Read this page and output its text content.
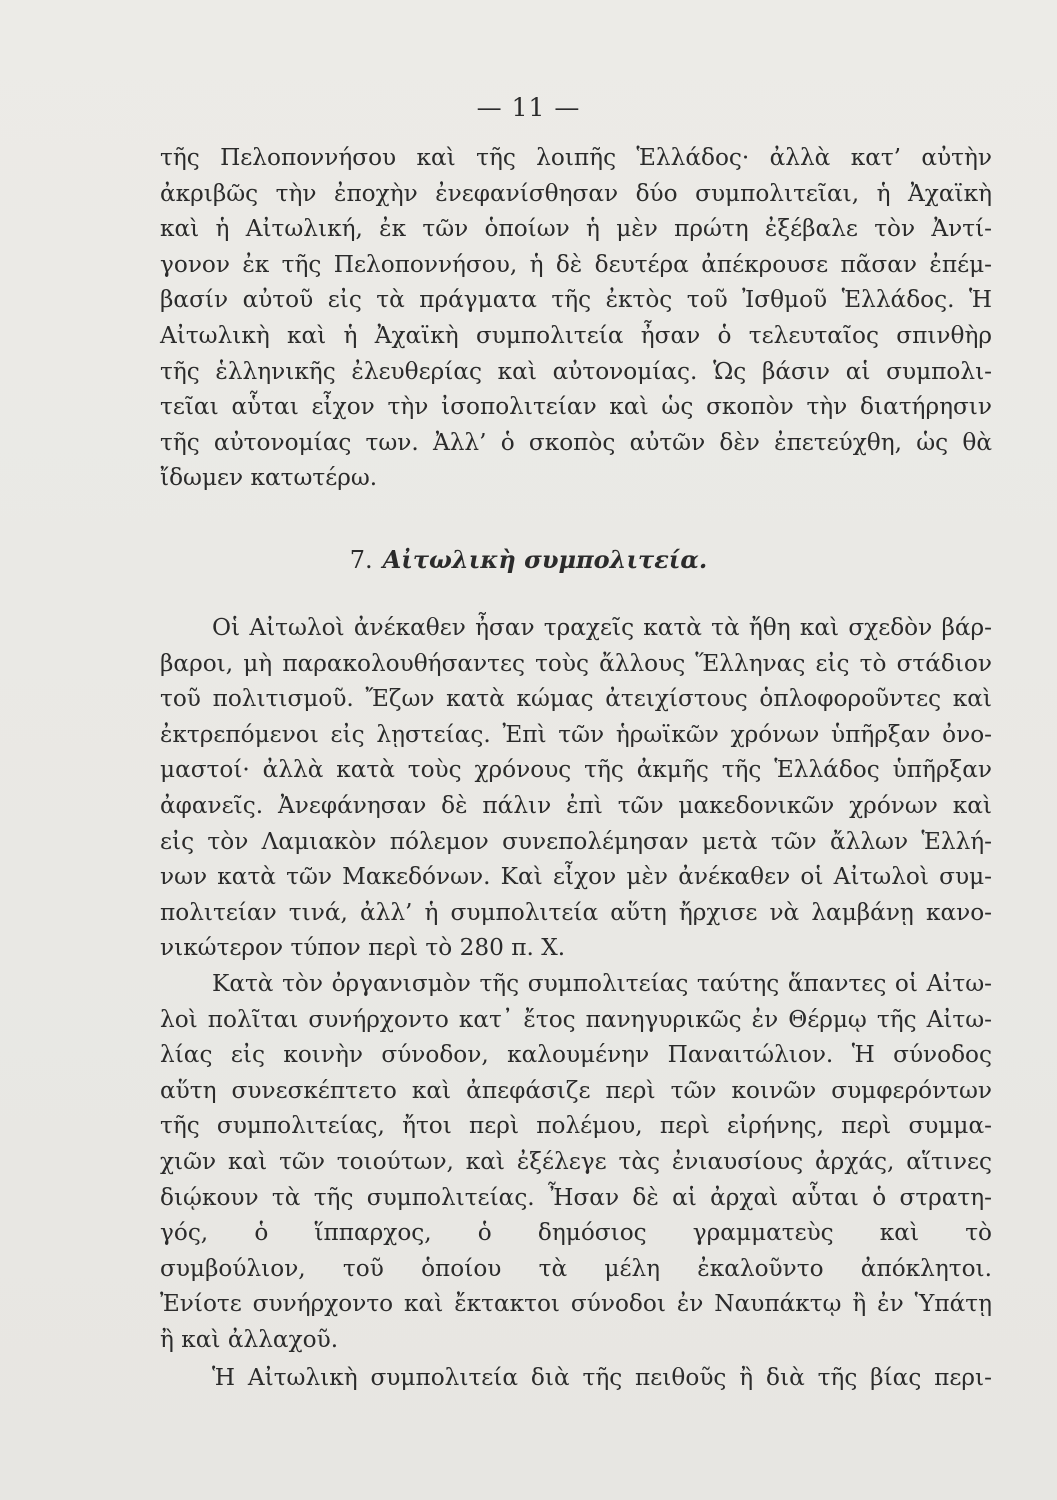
— 11 —
τῆς Πελοποννήσου καὶ τῆς λοιπῆς Ἑλλάδος· ἀλλὰ κατ’ αὐτὴν
ἀκριβῶς τὴν ἐποχὴν ἐνεφανίσθησαν δύο συμπολιτεῖαι, ἡ Ἀχαϊκὴ
καὶ ἡ Αἰτωλική, ἐκ τῶν ὁποίων ἡ μὲν πρώτη ἐξέβαλε τὸν Ἀντί-
γονον ἐκ τῆς Πελοποννήσου, ἡ δὲ δευτέρα ἀπέκρουσε πᾶσαν ἐπέμ-
βασίν αὐτοῦ εἰς τὰ πράγματα τῆς ἐκτὸς τοῦ Ἰσθμοῦ Ἑλλάδος. Ἡ
Αἰτωλικὴ καὶ ἡ Ἀχαϊκὴ συμπολιτεία ἦσαν ὁ τελευταῖος σπινθὴρ
τῆς ἑλληνικῆς ἐλευθερίας καὶ αὐτονομίας. Ὡς βάσιν αἱ συμπολι-
τεῖαι αὗται εἶχον τὴν ἰσοπολιτείαν καὶ ὡς σκοπὸν τὴν διατήρησιν
τῆς αὐτονομίας των. Ἀλλ’ ὁ σκοπὸς αὐτῶν δὲν ἐπετεύχθη, ὡς θὰ
ἴδωμεν κατωτέρω.
7. Αἰτωλικὴ συμπολιτεία.
Οἱ Αἰτωλοὶ ἀνέκαθεν ἦσαν τραχεῖς κατὰ τὰ ἤθη καὶ σχεδὸν βάρ-
βαροι, μὴ παρακολουθήσαντες τοὺς ἄλλους Ἕλληνας εἰς τὸ στάδιον
τοῦ πολιτισμοῦ. Ἔζων κατὰ κώμας ἀτειχίστους ὁπλοφοροῦντες καὶ
ἐκτρεπόμενοι εἰς λῃστείας. Ἐπὶ τῶν ἡρωϊκῶν χρόνων ὑπῆρξαν ὀνο-
μαστοί· ἀλλὰ κατὰ τοὺς χρόνους τῆς ἀκμῆς τῆς Ἑλλάδος ὑπῆρξαν
ἀφανεῖς. Ἀνεφάνησαν δὲ πάλιν ἐπὶ τῶν μακεδονικῶν χρόνων καὶ
εἰς τὸν Λαμιακὸν πόλεμον συνεπολέμησαν μετὰ τῶν ἄλλων Ἑλλή-
νων κατὰ τῶν Μακεδόνων. Καὶ εἶχον μὲν ἀνέκαθεν οἱ Αἰτωλοὶ συμ-
πολιτείαν τινά, ἀλλ’ ἡ συμπολιτεία αὕτη ἤρχισε νὰ λαμβάνῃ κανο-
νικώτερον τύπον περὶ τὸ 280 π. Χ.
Κατὰ τὸν ὀργανισμὸν τῆς συμπολιτείας ταύτης ἅπαντες οἱ Αἰτω-
λοὶ πολῖται συνήρχοντο κατ᾽ ἔτος πανηγυρικῶς ἐν Θέρμῳ τῆς Αἰτω-
λίας εἰς κοινὴν σύνοδον, καλουμένην Παναιτώλιον. Ἡ σύνοδος
αὕτη συνεσκέπτετο καὶ ἀπεφάσιζε περὶ τῶν κοινῶν συμφερόντων
τῆς συμπολιτείας, ἤτοι περὶ πολέμου, περὶ εἰρήνης, περὶ συμμα-
χιῶν καὶ τῶν τοιούτων, καὶ ἐξέλεγε τὰς ἐνιαυσίους ἀρχάς, αἵτινες
διῴκουν τὰ τῆς συμπολιτείας. Ἦσαν δὲ αἱ ἀρχαὶ αὗται ὁ στρατη-
γός, ὁ ἵππαρχος, ὁ δημόσιος γραμματεὺς καὶ τὸ
συμβούλιον, τοῦ ὁποίου τὰ μέλη ἐκαλοῦντο ἀπόκλητοι.
Ἐνίοτε συνήρχοντο καὶ ἔκτακτοι σύνοδοι ἐν Ναυπάκτῳ ἢ ἐν Ὑπάτῃ
ἢ καὶ ἀλλαχοῦ.
Ἡ Αἰτωλικὴ συμπολιτεία διὰ τῆς πειθοῦς ἢ διὰ τῆς βίας περι-
